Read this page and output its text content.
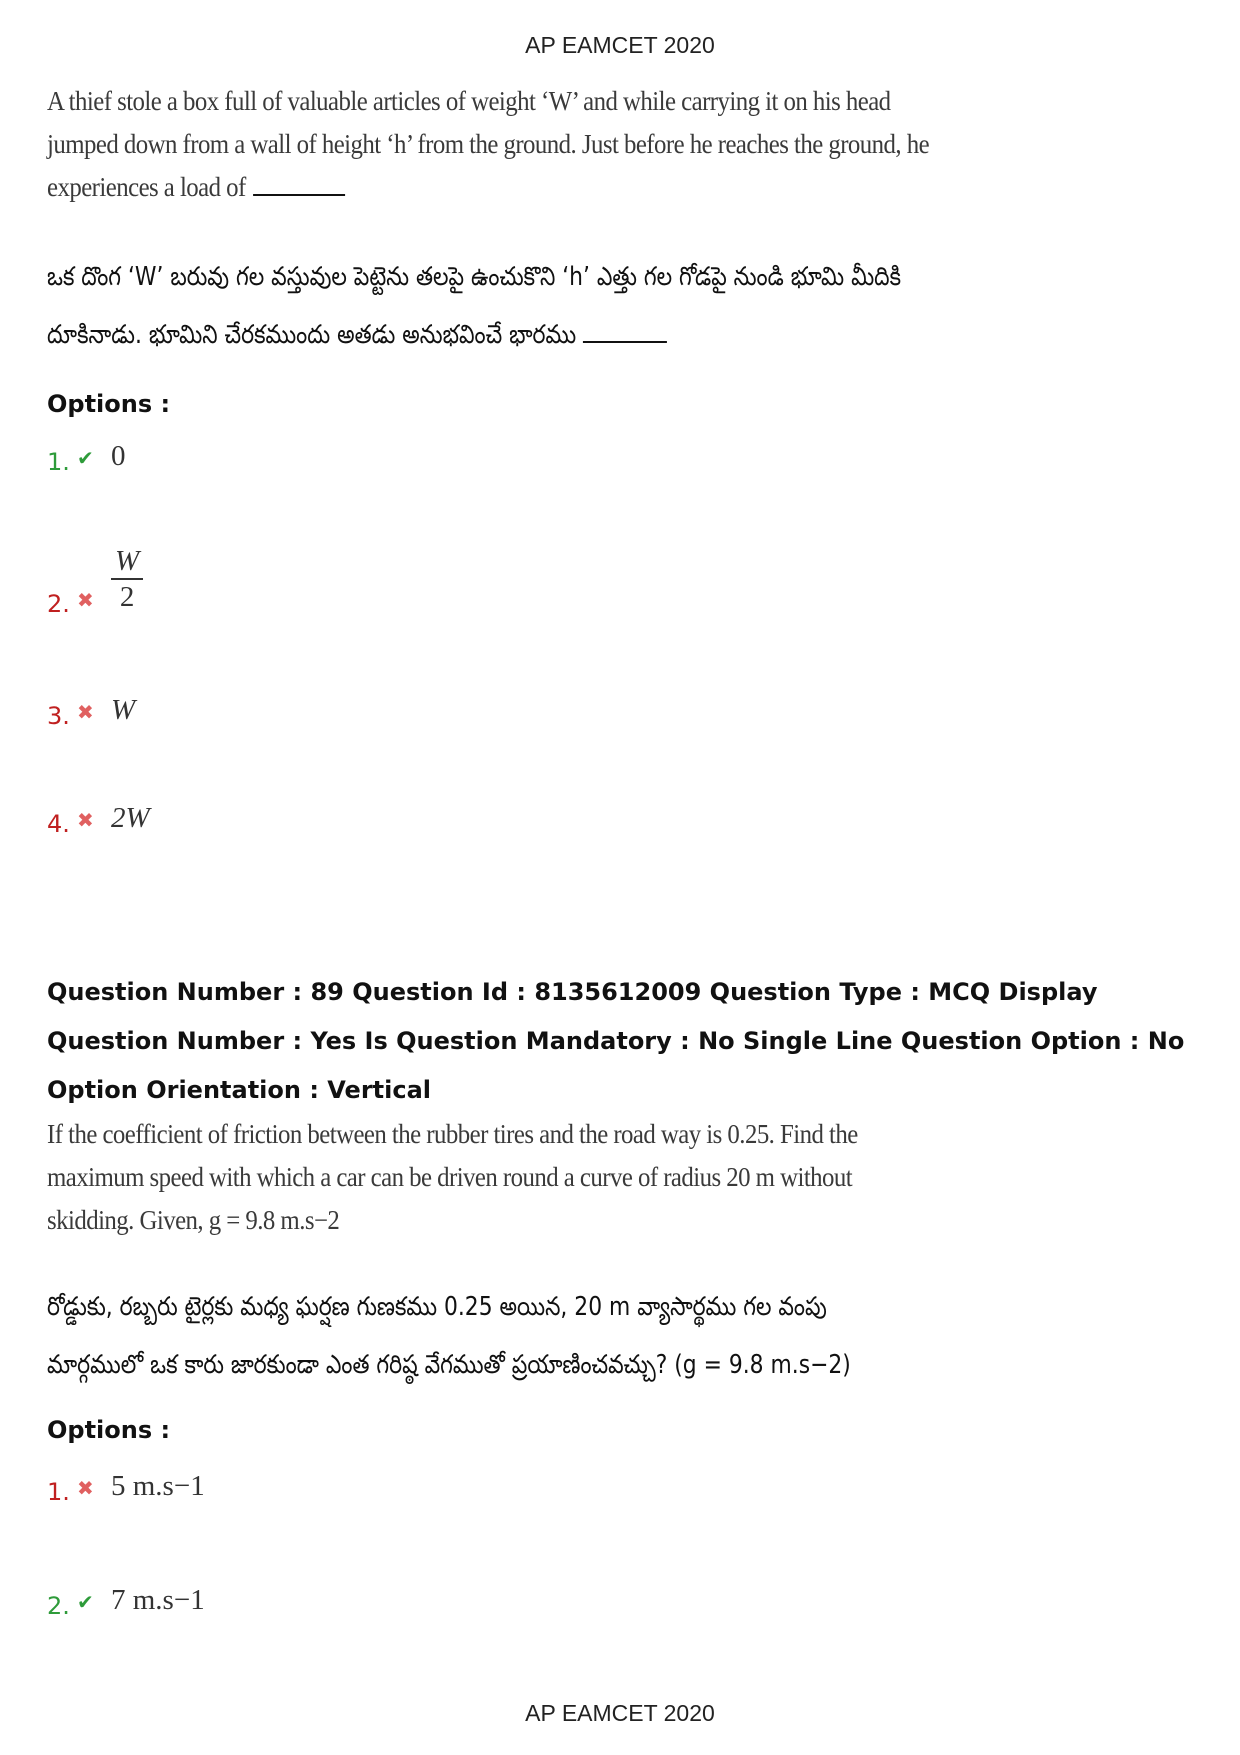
AP EAMCET 2020
A thief stole a box full of valuable articles of weight ‘W’ and while carrying it on his head
jumped down from a wall of height ‘h’ from the ground. Just before he reaches the ground, he
experiences a load of
ఒక దొంగ ‘W’ బరువు గల వస్తువుల పెట్టెను తలపై ఉంచుకొని ‘h’ ఎత్తు గల గోడపై నుండి భూమి మీదికి
దూకినాడు. భూమిని చేరకముందు అతడు అనుభవించే భారము
Options :
1. ✔ 0
2. ✖ $\frac{W}{2}$
3. ✖ W
4. ✖ 2W
Question Number : 89 Question Id : 8135612009 Question Type : MCQ Display Question Number : Yes Is Question Mandatory : No Single Line Question Option : No Option Orientation : Vertical
If the coefficient of friction between the rubber tires and the road way is 0.25. Find the
maximum speed with which a car can be driven round a curve of radius 20 m without
skidding. Given, g = 9.8 m.s−2
రోడ్డుకు, రబ్బరు టైర్లకు మధ్య ఘర్షణ గుణకము 0.25 అయిన, 20 m వ్యాసార్థము గల వంపు
మార్గములో ఒక కారు జారకుండా ఎంత గరిష్ఠ వేగముతో ప్రయాణించవచ్చు? (g = 9.8 m.s−2)
Options :
1. ✖ 5 m.s−1
2. ✔ 7 m.s−1
AP EAMCET 2020
